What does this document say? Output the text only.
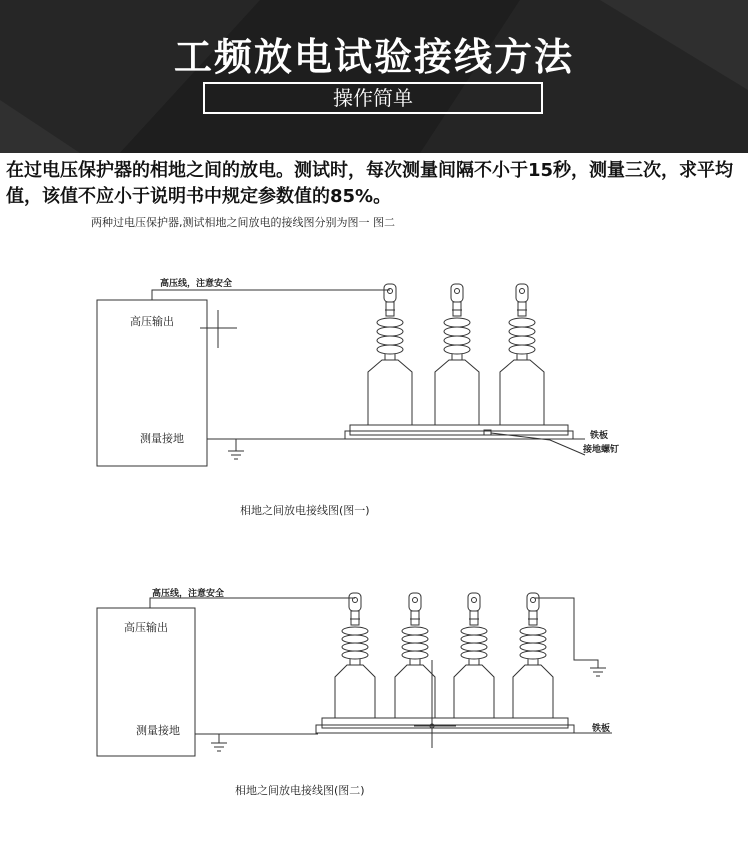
工频放电试验接线方法
操作简单
在过电压保护器的相地之间的放电。测试时，每次测量间隔不小于15秒，测量三次，求平均值，该值不应小于说明书中规定参数值的85%。
两种过电压保护器,测试相地之间放电的接线图分别为图一 图二
高压线，注意安全
高压输出
测量接地	铁板
接地螺钉
相地之间放电接线图(图一)
高压线，注意安全
高压输出
测量接地	铁板
相地之间放电接线图(图二)
